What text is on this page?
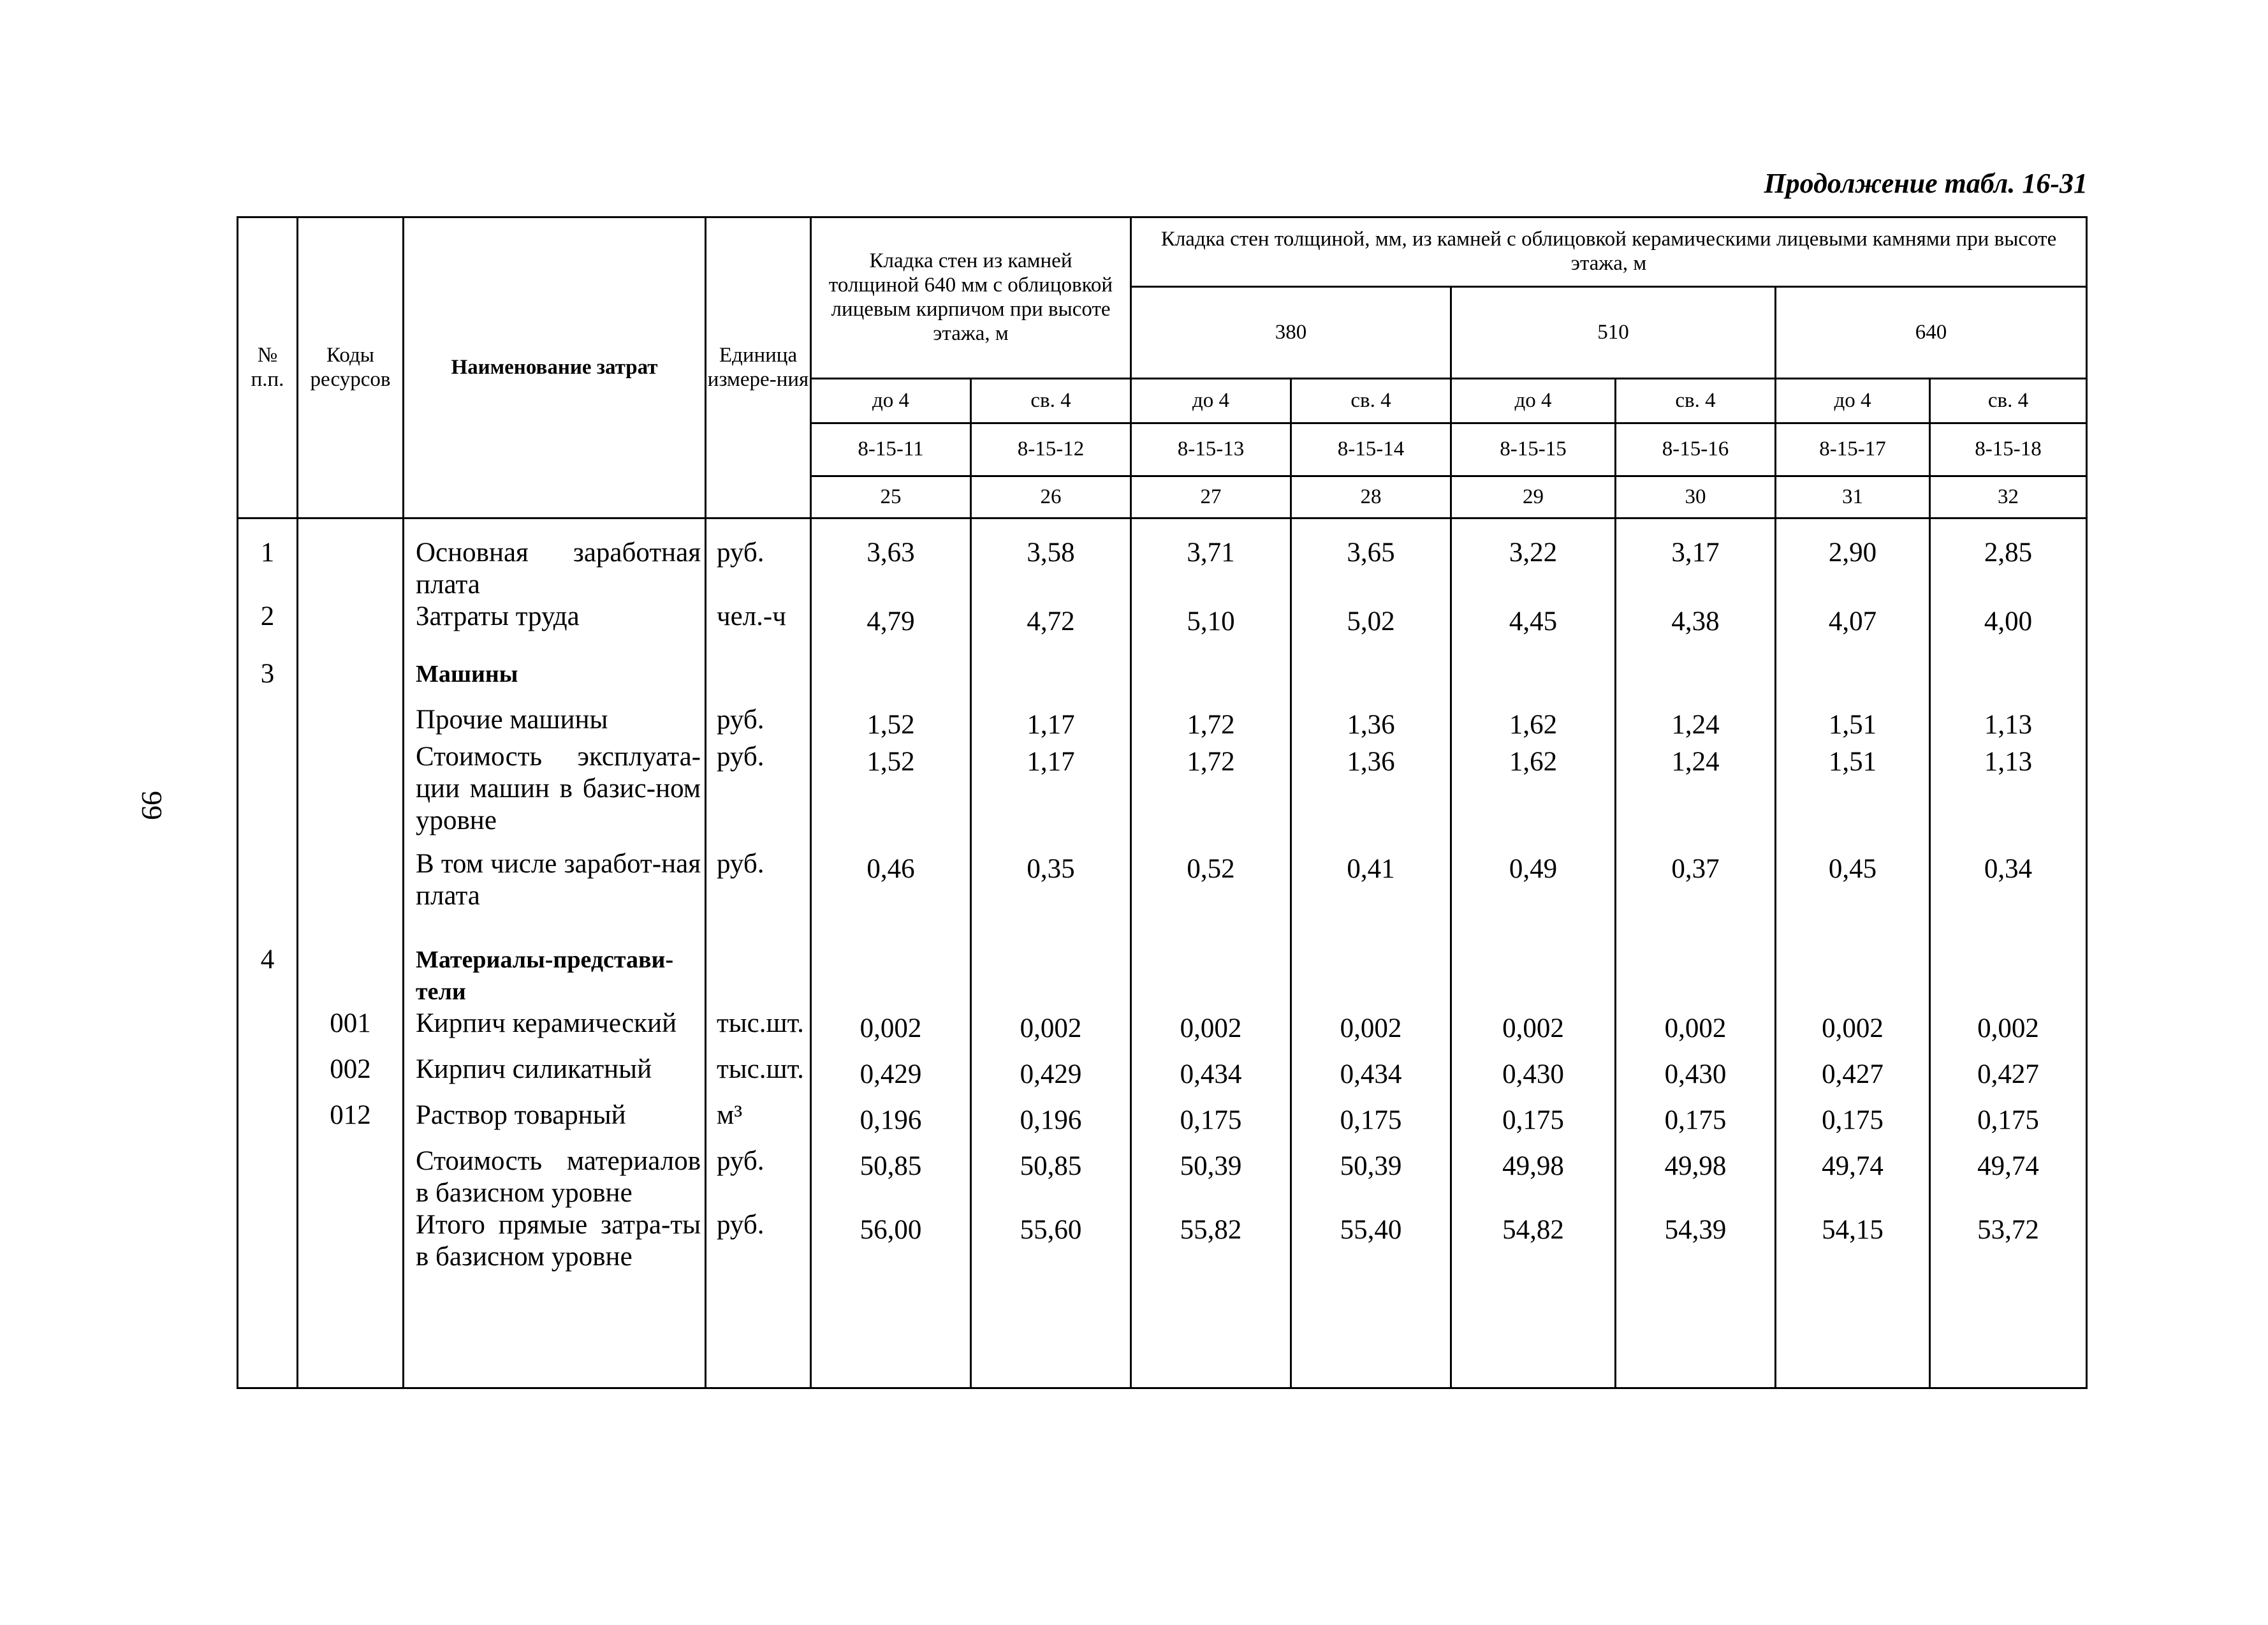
Продолжение табл. 16-31
99
№ п.п.	Коды ресурсов	Наименование затрат	Единица измере-ния	Кладка стен из камней толщиной 640 мм с облицовкой лицевым кирпичом при высоте этажа, м		Кладка стен толщиной, мм, из камней с облицовкой керамическими лицевыми камнями при высоте этажа, м					
						380		510		640	
				до 4	св. 4	до 4	св. 4	до 4	св. 4	до 4	св. 4
				8-15-11	8-15-12	8-15-13	8-15-14	8-15-15	8-15-16	8-15-17	8-15-18
				25	26	27	28	29	30	31	32
1		Основная заработная плата	руб.	3,63	3,58	3,71	3,65	3,22	3,17	2,90	2,85
2		Затраты труда	чел.-ч	4,79	4,72	5,10	5,02	4,45	4,38	4,07	4,00
3		Машины									
		Прочие машины	руб.	1,52	1,17	1,72	1,36	1,62	1,24	1,51	1,13
		Стоимость эксплуата-ции машин в базис-ном уровне	руб.	1,52	1,17	1,72	1,36	1,62	1,24	1,51	1,13
		В том числе заработ-ная плата	руб.	0,46	0,35	0,52	0,41	0,49	0,37	0,45	0,34
4		Материалы-представи-тели									
	001	Кирпич керамический	тыс.шт.	0,002	0,002	0,002	0,002	0,002	0,002	0,002	0,002
	002	Кирпич силикатный	тыс.шт.	0,429	0,429	0,434	0,434	0,430	0,430	0,427	0,427
	012	Раствор товарный	м³	0,196	0,196	0,175	0,175	0,175	0,175	0,175	0,175
		Стоимость материалов в базисном уровне	руб.	50,85	50,85	50,39	50,39	49,98	49,98	49,74	49,74
		Итого прямые затра-ты в базисном уровне	руб.	56,00	55,60	55,82	55,40	54,82	54,39	54,15	53,72
